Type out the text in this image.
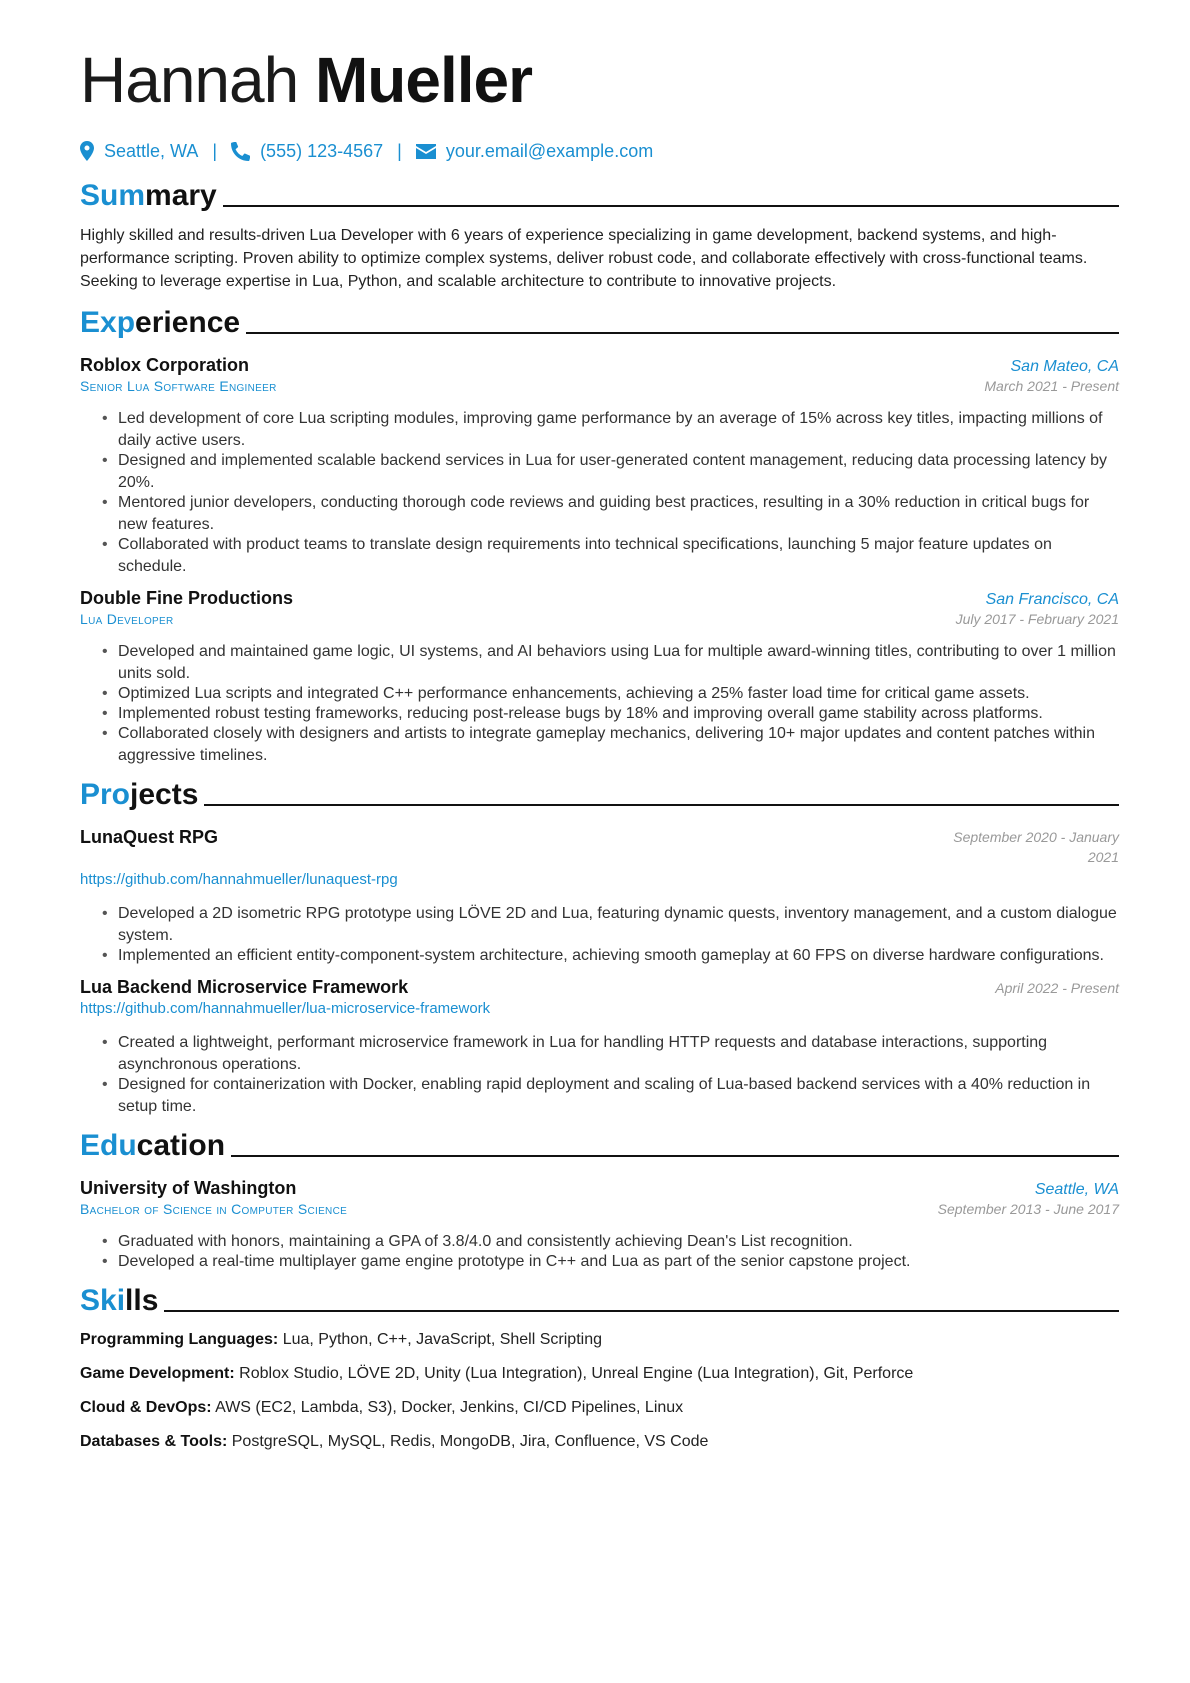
Hannah Mueller
Seattle, WA | (555) 123-4567 | your.email@example.com
Summary
Highly skilled and results-driven Lua Developer with 6 years of experience specializing in game development, backend systems, and high-performance scripting. Proven ability to optimize complex systems, deliver robust code, and collaborate effectively with cross-functional teams. Seeking to leverage expertise in Lua, Python, and scalable architecture to contribute to innovative projects.
Experience
Roblox Corporation	San Mateo, CA
Senior Lua Software Engineer	March 2021 - Present
• Led development of core Lua scripting modules, improving game performance by an average of 15% across key titles, impacting millions of daily active users.
• Designed and implemented scalable backend services in Lua for user-generated content management, reducing data processing latency by 20%.
• Mentored junior developers, conducting thorough code reviews and guiding best practices, resulting in a 30% reduction in critical bugs for new features.
• Collaborated with product teams to translate design requirements into technical specifications, launching 5 major feature updates on schedule.
Double Fine Productions	San Francisco, CA
Lua Developer	July 2017 - February 2021
• Developed and maintained game logic, UI systems, and AI behaviors using Lua for multiple award-winning titles, contributing to over 1 million units sold.
• Optimized Lua scripts and integrated C++ performance enhancements, achieving a 25% faster load time for critical game assets.
• Implemented robust testing frameworks, reducing post-release bugs by 18% and improving overall game stability across platforms.
• Collaborated closely with designers and artists to integrate gameplay mechanics, delivering 10+ major updates and content patches within aggressive timelines.
Projects
LunaQuest RPG	September 2020 - January 2021
https://github.com/hannahmueller/lunaquest-rpg
• Developed a 2D isometric RPG prototype using LÖVE 2D and Lua, featuring dynamic quests, inventory management, and a custom dialogue system.
• Implemented an efficient entity-component-system architecture, achieving smooth gameplay at 60 FPS on diverse hardware configurations.
Lua Backend Microservice Framework	April 2022 - Present
https://github.com/hannahmueller/lua-microservice-framework
• Created a lightweight, performant microservice framework in Lua for handling HTTP requests and database interactions, supporting asynchronous operations.
• Designed for containerization with Docker, enabling rapid deployment and scaling of Lua-based backend services with a 40% reduction in setup time.
Education
University of Washington	Seattle, WA
Bachelor of Science in Computer Science	September 2013 - June 2017
• Graduated with honors, maintaining a GPA of 3.8/4.0 and consistently achieving Dean's List recognition.
• Developed a real-time multiplayer game engine prototype in C++ and Lua as part of the senior capstone project.
Skills
Programming Languages: Lua, Python, C++, JavaScript, Shell Scripting
Game Development: Roblox Studio, LÖVE 2D, Unity (Lua Integration), Unreal Engine (Lua Integration), Git, Perforce
Cloud & DevOps: AWS (EC2, Lambda, S3), Docker, Jenkins, CI/CD Pipelines, Linux
Databases & Tools: PostgreSQL, MySQL, Redis, MongoDB, Jira, Confluence, VS Code
